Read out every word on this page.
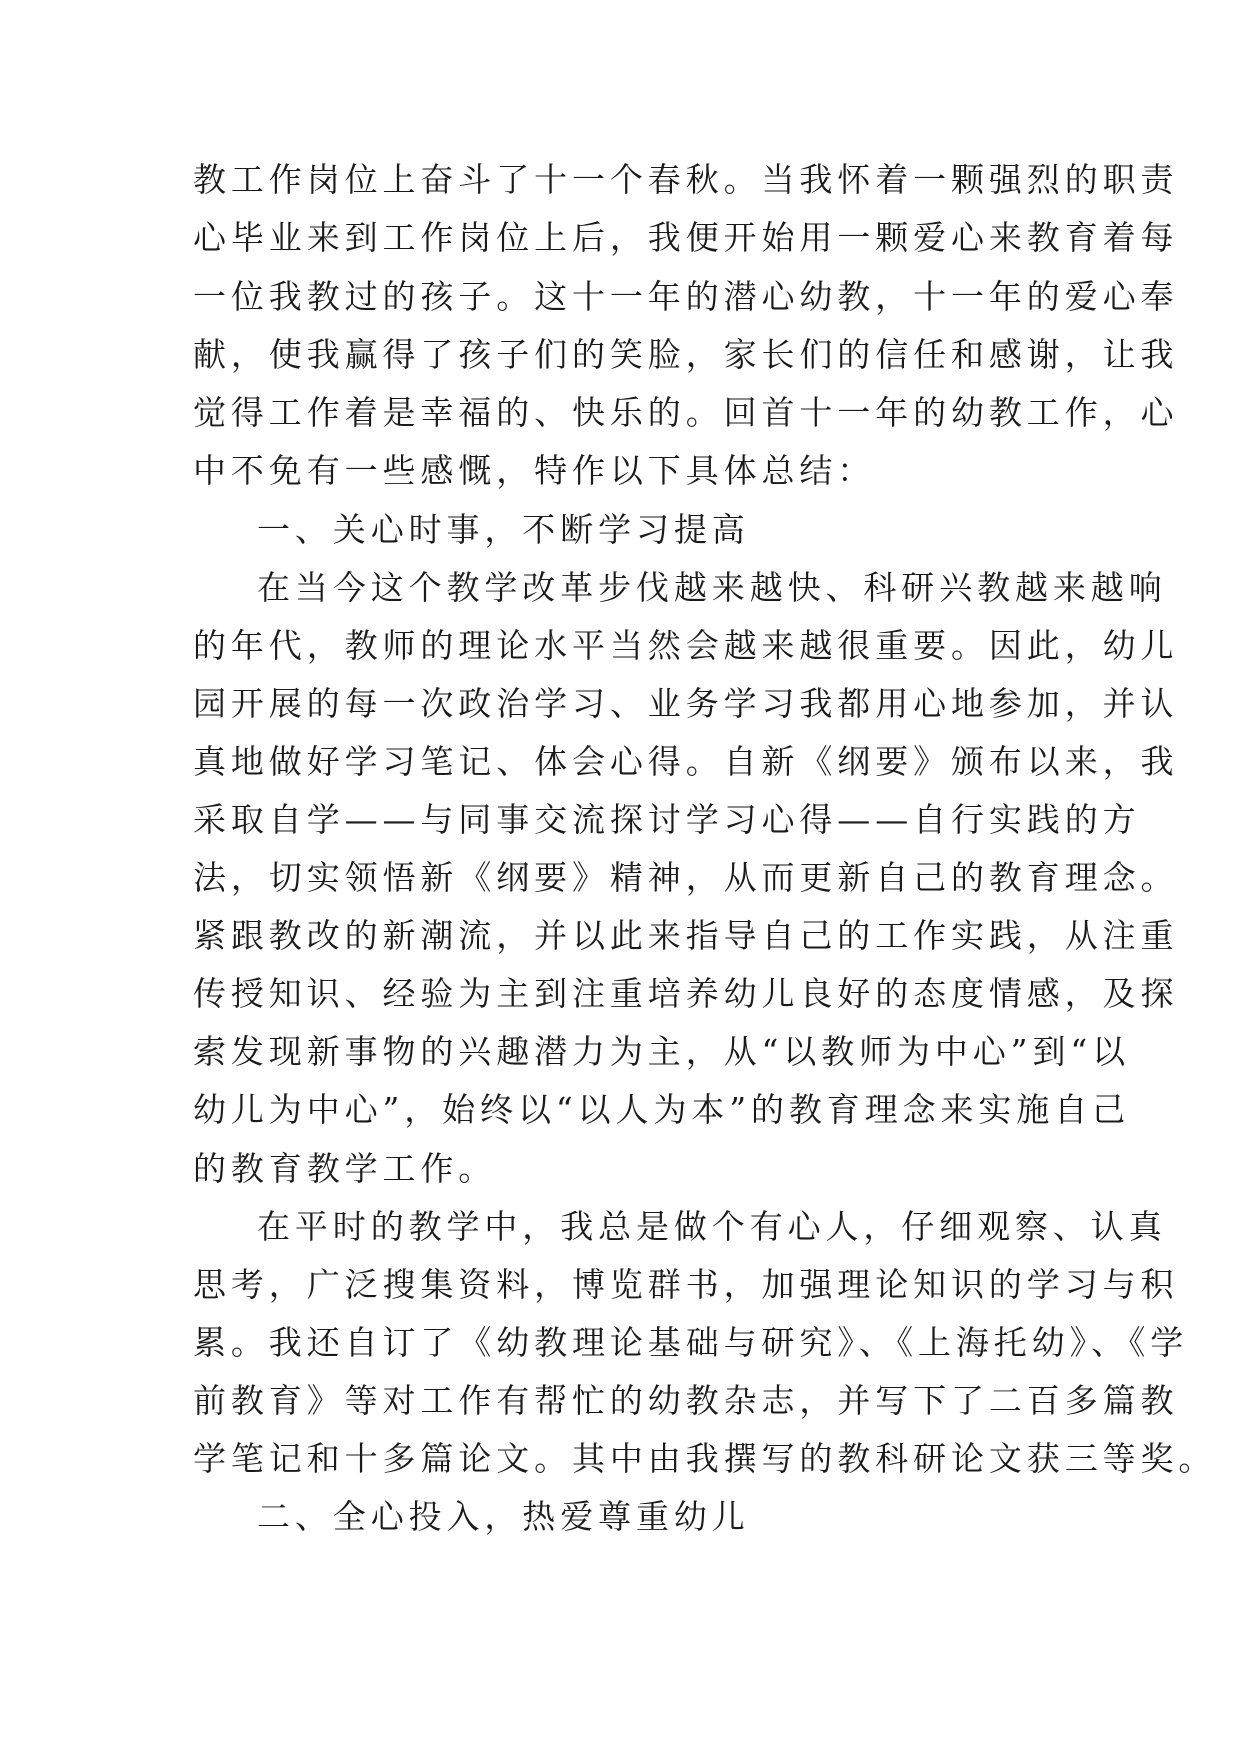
教工作岗位上奋斗了十一个春秋。当我怀着一颗强烈的职责
心毕业来到工作岗位上后，我便开始用一颗爱心来教育着每
一位我教过的孩子。这十一年的潜心幼教，十一年的爱心奉
献，使我赢得了孩子们的笑脸，家长们的信任和感谢，让我
觉得工作着是幸福的、快乐的。回首十一年的幼教工作，心
中不免有一些感慨，特作以下具体总结：
一、关心时事，不断学习提高
在当今这个教学改革步伐越来越快、科研兴教越来越响
的年代，教师的理论水平当然会越来越很重要。因此，幼儿
园开展的每一次政治学习、业务学习我都用心地参加，并认
真地做好学习笔记、体会心得。自新《纲要》颁布以来，我
采取自学——与同事交流探讨学习心得——自行实践的方
法，切实领悟新《纲要》精神，从而更新自己的教育理念。
紧跟教改的新潮流，并以此来指导自己的工作实践，从注重
传授知识、经验为主到注重培养幼儿良好的态度情感，及探
索发现新事物的兴趣潜力为主，从“以教师为中心”到“以
幼儿为中心”，始终以“以人为本”的教育理念来实施自己
的教育教学工作。
在平时的教学中，我总是做个有心人，仔细观察、认真
思考，广泛搜集资料，博览群书，加强理论知识的学习与积
累。我还自订了《幼教理论基础与研究》、《上海托幼》、《学
前教育》等对工作有帮忙的幼教杂志，并写下了二百多篇教
学笔记和十多篇论文。其中由我撰写的教科研论文获三等奖。
二、全心投入，热爱尊重幼儿
